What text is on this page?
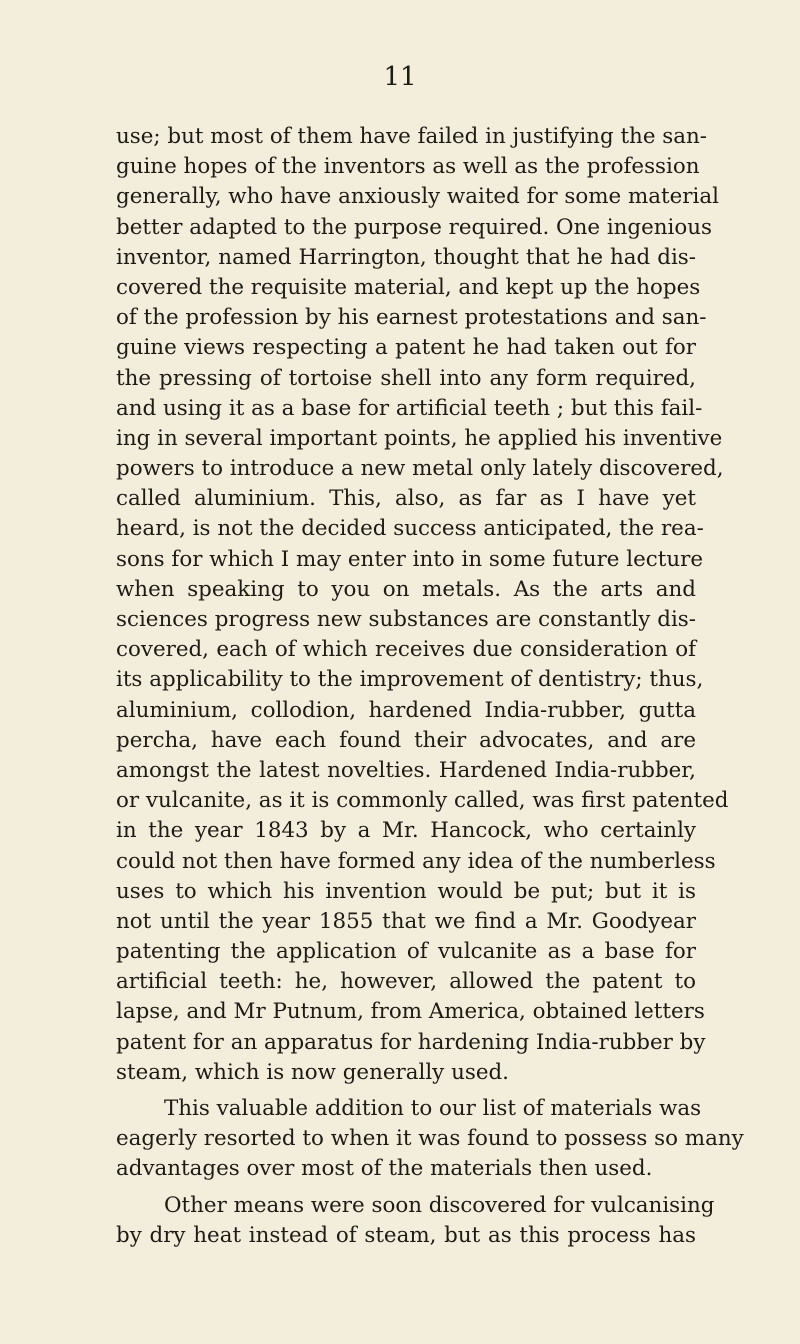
11
use; but most of them have failed in justifying the san-
guine hopes of the inventors as well as the profession
generally, who have anxiously waited for some material
better adapted to the purpose required. One ingenious
inventor, named Harrington, thought that he had dis-
covered the requisite material, and kept up the hopes
of the profession by his earnest protestations and san-
guine views respecting a patent he had taken out for
the pressing of tortoise shell into any form required,
and using it as a base for artificial teeth ; but this fail-
ing in several important points, he applied his inventive
powers to introduce a new metal only lately discovered,
called aluminium. This, also, as far as I have yet
heard, is not the decided success anticipated, the rea-
sons for which I may enter into in some future lecture
when speaking to you on metals. As the arts and
sciences progress new substances are constantly dis-
covered, each of which receives due consideration of
its applicability to the improvement of dentistry; thus,
aluminium, collodion, hardened India-rubber, gutta
percha, have each found their advocates, and are
amongst the latest novelties. Hardened India-rubber,
or vulcanite, as it is commonly called, was first patented
in the year 1843 by a Mr. Hancock, who certainly
could not then have formed any idea of the numberless
uses to which his invention would be put; but it is
not until the year 1855 that we find a Mr. Goodyear
patenting the application of vulcanite as a base for
artificial teeth: he, however, allowed the patent to
lapse, and Mr Putnum, from America, obtained letters
patent for an apparatus for hardening India-rubber by
steam, which is now generally used.
This valuable addition to our list of materials was
eagerly resorted to when it was found to possess so many
advantages over most of the materials then used.
Other means were soon discovered for vulcanising
by dry heat instead of steam, but as this process has
